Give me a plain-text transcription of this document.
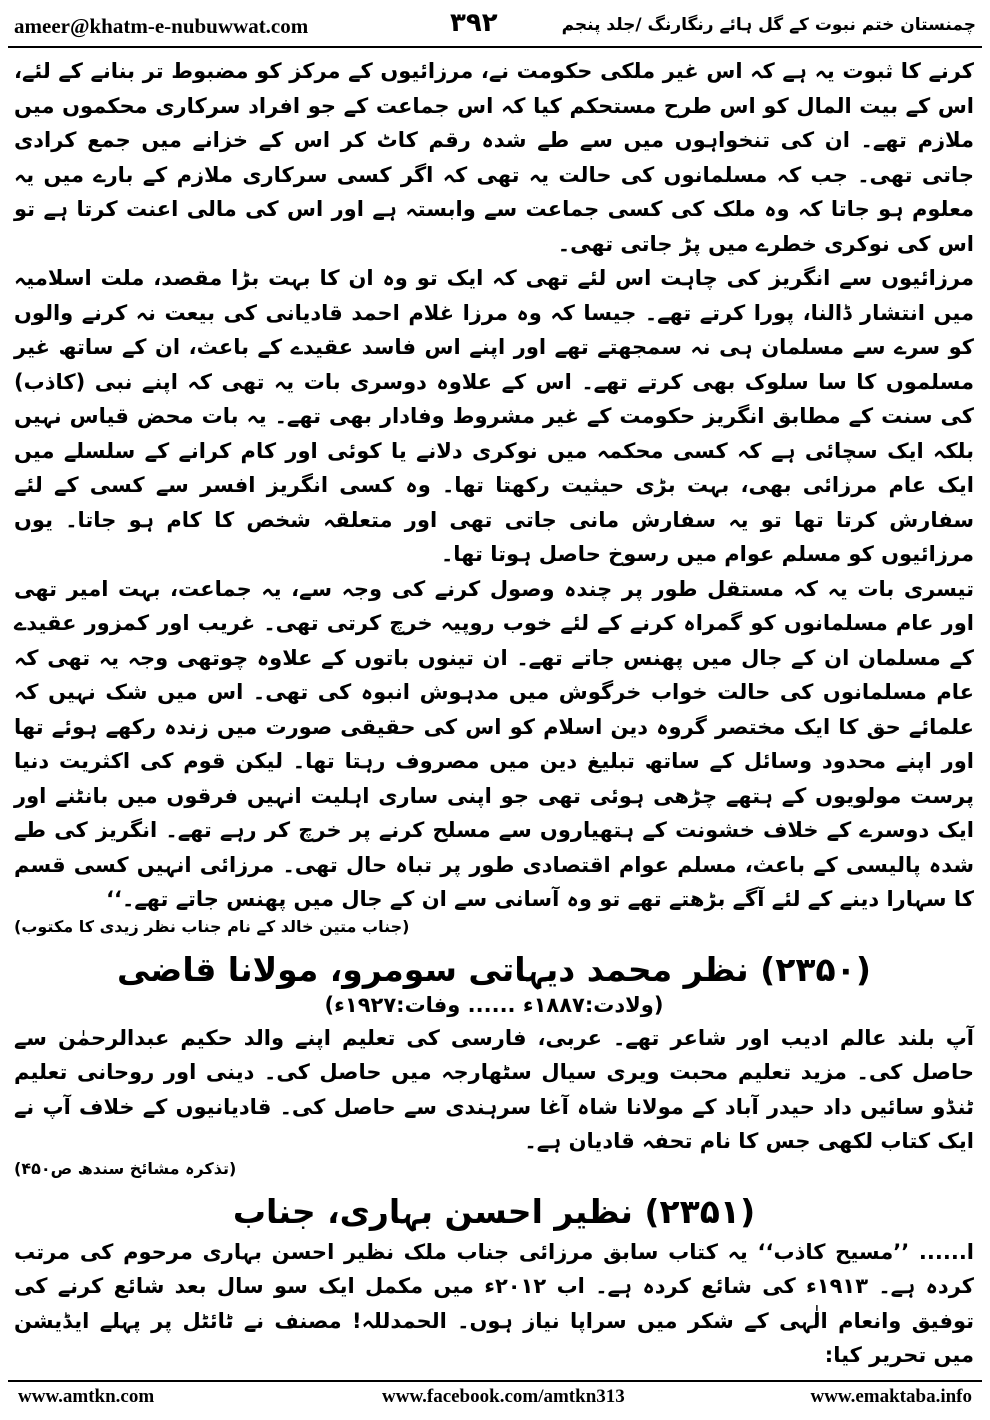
ameer@khatm-e-nubuwwat.com	۳۹۲	چمنستان ختم نبوت کے گل ہائے رنگارنگ /جلد پنجم

کرنے کا ثبوت یہ ہے کہ اس غیر ملکی حکومت نے، مرزائیوں کے مرکز کو مضبوط تر بنانے کے لئے، اس کے بیت المال کو اس طرح مستحکم کیا کہ اس جماعت کے جو افراد سرکاری محکموں میں ملازم تھے۔ ان کی تنخواہوں میں سے طے شدہ رقم کاٹ کر اس کے خزانے میں جمع کرادی جاتی تھی۔ جب کہ مسلمانوں کی حالت یہ تھی کہ اگر کسی سرکاری ملازم کے بارے میں یہ معلوم ہو جاتا کہ وہ ملک کی کسی جماعت سے وابستہ ہے اور اس کی مالی اعنت کرتا ہے تو اس کی نوکری خطرے میں پڑ جاتی تھی۔

مرزائیوں سے انگریز کی چاہت اس لئے تھی کہ ایک تو وہ ان کا بہت بڑا مقصد، ملت اسلامیہ میں انتشار ڈالنا، پورا کرتے تھے۔ جیسا کہ وہ مرزا غلام احمد قادیانی کی بیعت نہ کرنے والوں کو سرے سے مسلمان ہی نہ سمجھتے تھے اور اپنے اس فاسد عقیدے کے باعث، ان کے ساتھ غیر مسلموں کا سا سلوک بھی کرتے تھے۔ اس کے علاوہ دوسری بات یہ تھی کہ اپنے نبی (کاذب) کی سنت کے مطابق انگریز حکومت کے غیر مشروط وفادار بھی تھے۔ یہ بات محض قیاس نہیں بلکہ ایک سچائی ہے کہ کسی محکمہ میں نوکری دلانے یا کوئی اور کام کرانے کے سلسلے میں ایک عام مرزائی بھی، بہت بڑی حیثیت رکھتا تھا۔ وہ کسی انگریز افسر سے کسی کے لئے سفارش کرتا تھا تو یہ سفارش مانی جاتی تھی اور متعلقہ شخص کا کام ہو جاتا۔ یوں مرزائیوں کو مسلم عوام میں رسوخ حاصل ہوتا تھا۔

تیسری بات یہ کہ مستقل طور پر چندہ وصول کرنے کی وجہ سے، یہ جماعت، بہت امیر تھی اور عام مسلمانوں کو گمراہ کرنے کے لئے خوب روپیہ خرچ کرتی تھی۔ غریب اور کمزور عقیدے کے مسلمان ان کے جال میں پھنس جاتے تھے۔ ان تینوں باتوں کے علاوہ چوتھی وجہ یہ تھی کہ عام مسلمانوں کی حالت خواب خرگوش میں مدہوش انبوہ کی تھی۔ اس میں شک نہیں کہ علمائے حق کا ایک مختصر گروہ دین اسلام کو اس کی حقیقی صورت میں زندہ رکھے ہوئے تھا اور اپنے محدود وسائل کے ساتھ تبلیغ دین میں مصروف رہتا تھا۔ لیکن قوم کی اکثریت دنیا پرست مولویوں کے ہتھے چڑھی ہوئی تھی جو اپنی ساری اہلیت انہیں فرقوں میں بانٹنے اور ایک دوسرے کے خلاف خشونت کے ہتھیاروں سے مسلح کرنے پر خرچ کر رہے تھے۔ انگریز کی طے شدہ پالیسی کے باعث، مسلم عوام اقتصادی طور پر تباہ حال تھی۔ مرزائی انہیں کسی قسم کا سہارا دینے کے لئے آگے بڑھتے تھے تو وہ آسانی سے ان کے جال میں پھنس جاتے تھے۔‘‘

(جناب متین خالد کے نام جناب نظر زیدی کا مکتوب)
(۲۳۵۰) نظر محمد دیہاتی سومرو، مولانا قاضی
(ولادت:۱۸۸۷ء ...... وفات:۱۹۲۷ء)

آپ بلند عالم ادیب اور شاعر تھے۔ عربی، فارسی کی تعلیم اپنے والد حکیم عبدالرحمٰن سے حاصل کی۔ مزید تعلیم محبت ویری سیال سٹھارجہ میں حاصل کی۔ دینی اور روحانی تعلیم ٹنڈو سائیں داد حیدر آباد کے مولانا شاہ آغا سرہندی سے حاصل کی۔ قادیانیوں کے خلاف آپ نے ایک کتاب لکھی جس کا نام تحفہ قادیان ہے۔

(تذکرہ مشائخ سندھ ص۴۵۰)
(۲۳۵۱) نظیر احسن بہاری، جناب

ا...... ’’مسیح کاذب‘‘ یہ کتاب سابق مرزائی جناب ملک نظیر احسن بہاری مرحوم کی مرتب کردہ ہے۔ ۱۹۱۳ء کی شائع کردہ ہے۔ اب ۲۰۱۲ء میں مکمل ایک سو سال بعد شائع کرنے کی توفیق وانعام الٰہی کے شکر میں سراپا نیاز ہوں۔ الحمدللہ! مصنف نے ٹائٹل پر پہلے ایڈیشن میں تحریر کیا:

www.amtkn.com	www.facebook.com/amtkn313	www.emaktaba.info
